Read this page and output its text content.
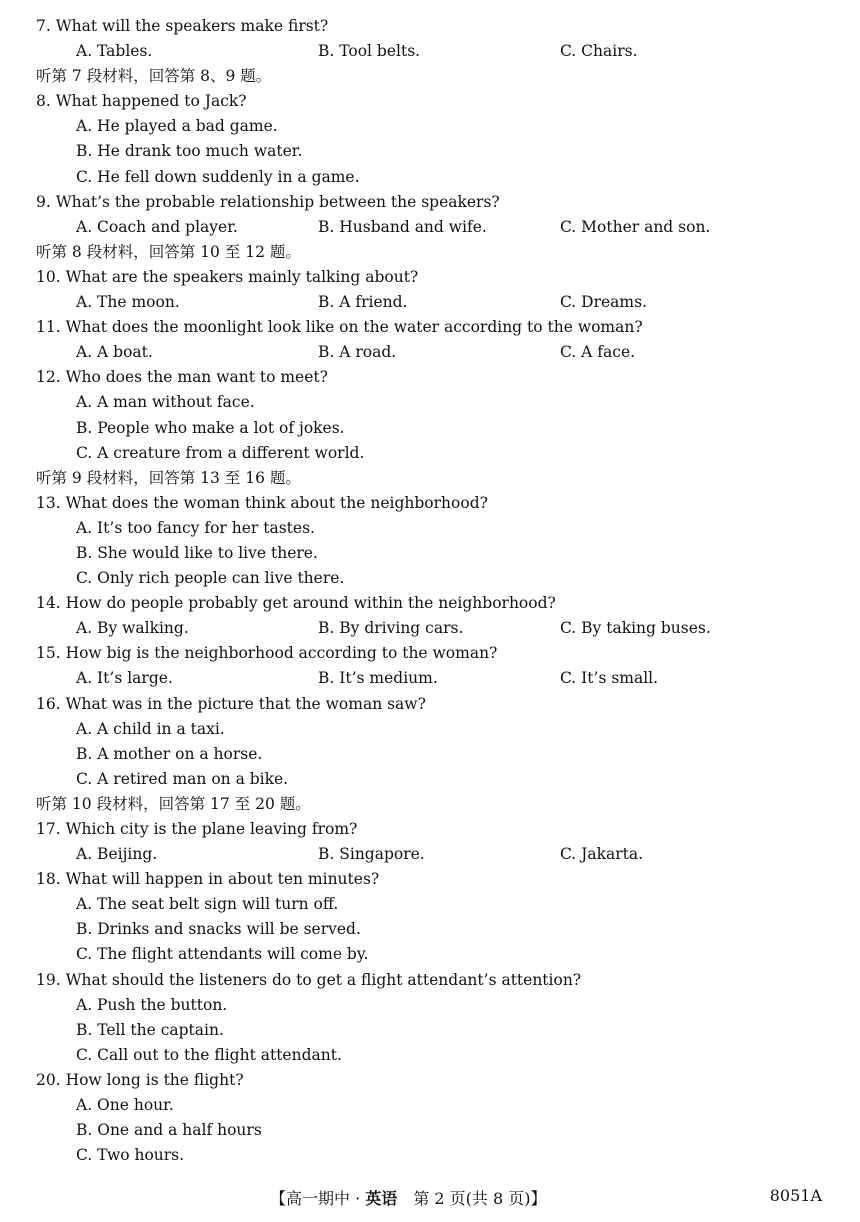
7. What will the speakers make first?
A. Tables.	B. Tool belts.	C. Chairs.
听第 7 段材料，回答第 8、9 题。
8. What happened to Jack?
A. He played a bad game.
B. He drank too much water.
C. He fell down suddenly in a game.
9. What’s the probable relationship between the speakers?
A. Coach and player.	B. Husband and wife.	C. Mother and son.
听第 8 段材料，回答第 10 至 12 题。
10. What are the speakers mainly talking about?
A. The moon.	B. A friend.	C. Dreams.
11. What does the moonlight look like on the water according to the woman?
A. A boat.	B. A road.	C. A face.
12. Who does the man want to meet?
A. A man without face.
B. People who make a lot of jokes.
C. A creature from a different world.
听第 9 段材料，回答第 13 至 16 题。
13. What does the woman think about the neighborhood?
A. It’s too fancy for her tastes.
B. She would like to live there.
C. Only rich people can live there.
14. How do people probably get around within the neighborhood?
A. By walking.	B. By driving cars.	C. By taking buses.
15. How big is the neighborhood according to the woman?
A. It’s large.	B. It’s medium.	C. It’s small.
16. What was in the picture that the woman saw?
A. A child in a taxi.
B. A mother on a horse.
C. A retired man on a bike.
听第 10 段材料，回答第 17 至 20 题。
17. Which city is the plane leaving from?
A. Beijing.	B. Singapore.	C. Jakarta.
18. What will happen in about ten minutes?
A. The seat belt sign will turn off.
B. Drinks and snacks will be served.
C. The flight attendants will come by.
19. What should the listeners do to get a flight attendant’s attention?
A. Push the button.
B. Tell the captain.
C. Call out to the flight attendant.
20. How long is the flight?
A. One hour.
B. One and a half hours
C. Two hours.
【高一期中 · 英语　第 2 页(共 8 页)】	8051A
